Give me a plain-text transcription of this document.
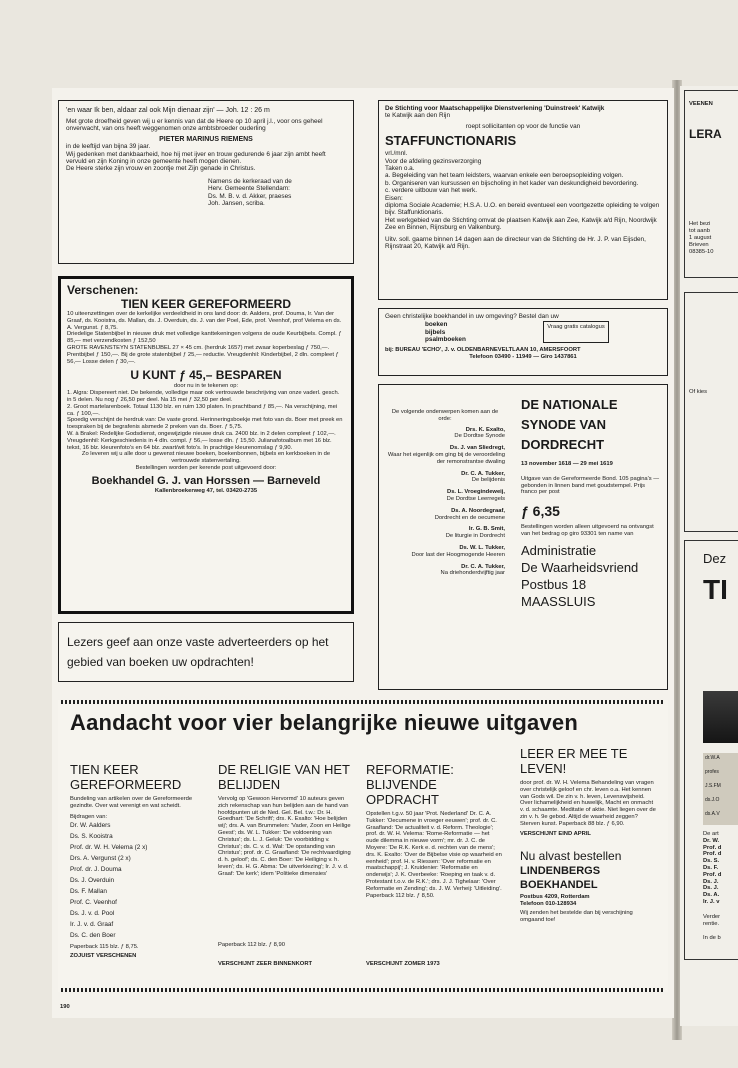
'en waar Ik ben, aldaar zal ook Mijn dienaar zijn' — Joh. 12 : 26 m

Met grote droefheid geven wij u er kennis van dat de Heere op 10 april j.l., voor ons geheel onverwacht, van ons heeft weggenomen onze ambtsbroeder ouderling

PIETER MARINUS RIEMENS

in de leeftijd van bijna 39 jaar.

Wij gedenken met dankbaarheid, hoe hij met ijver en trouw gedurende 6 jaar zijn ambt heeft vervuld en zijn Koning in onze gemeente heeft mogen dienen.

De Heere sterke zijn vrouw en zoontje met Zijn genade in Christus.

Namens de kerkeraad van de

Herv. Gemeente Stellendam:

Ds. M. B. v. d. Akker, praeses

Joh. Jansen, scriba.

De Stichting voor Maatschappelijke Dienstverlening 'Duinstreek' Katwijk

te Katwijk aan den Rijn

roept sollicitanten op voor de functie van

STAFFUNCTIONARIS

vrl./mnl.

Voor de afdeling gezinsverzorging

Taken o.a.

a. Begeleiding van het team leidsters, waarvan enkele een beroepsopleiding volgen.

b. Organiseren van kursussen en bijscholing in het kader van deskundigheid bevordering.

c. verdere uitbouw van het werk.

Eisen:

diploma Sociale Academie; H.S.A. U.O. en bereid eventueel een voortgezette opleiding te volgen bijv. Staffunktionaris.

Het werkgebied van de Stichting omvat de plaatsen Katwijk aan Zee, Katwijk a/d Rijn, Noordwijk Zee en Binnen, Rijnsburg en Valkenburg.

Uitv. soll. gaarne binnen 14 dagen aan de directeur van de Stichting de Hr. J. P. van Eijsden, Rijnstraat 20, Katwijk a/d Rijn.

Verschenen:

TIEN KEER GEREFORMEERD

10 uiteenzettingen over de kerkelijke verdeeldheid in ons land door: dr. Aalders, prof. Douma, Ir. Van der Graaf, ds. Kooistra, ds. Mallan, ds. J. Overduin, ds. J. van der Poel, Ede, prof. Veenhof, prof Velema en ds. A. Vergunst. ƒ 8,75.

Driedelige Statenbijbel in nieuwe druk met volledige kanttekeningen volgens de oude Keurbijbels. Compl. ƒ 85,— met verzendkosten ƒ 152,50

GROTE RAVENSTEYN STATENBIJBEL 27 × 45 cm. (herdruk 1657) met zwaar koperbeslag ƒ 750,—. Prentbijbel ƒ 150,—. Bij de grote statenbijbel ƒ 25,— reductie. Vreugdenhil: Kinderbijbel, 2 dln. compleet ƒ 56,— Losse delen ƒ 30,—.

U KUNT ƒ 45,– BESPAREN

door nu in te tekenen op:

1. Algra: Dispereert niet. De bekende, volledige maar ook vertrouwde beschrijving van onze vaderl. gesch. in 5 delen. Nu nog ƒ 26,50 per deel. Na 15 mei ƒ 32,50 per deel.

2. Groot martelarenboek. Totaal 1130 blz. en ruim 130 platen. In prachtband ƒ 85,—. Na verschijning, mei ca. ƒ 100,—.

Spoedig verschijnt de herdruk van: De vaste grond. Herinneringsboekje met foto van ds. Boer met preek en toespraken bij de begrafenis alsmede 2 preken van ds. Boer. ƒ 5,75.

W. à Brakel: Redelijke Godsdienst, ongewijzigde nieuwe druk ca. 2400 blz. in 2 delen compleet ƒ 102,—.

Vreugdenhil: Kerkgeschiedenis in 4 dln. compl. ƒ 56,— losse dln. ƒ 15,50. Julianafotoalbum met 16 blz. tekst, 16 blz. kleurenfoto's en 64 blz. zwart/wit foto's. In prachtige kleurenomslag ƒ 9,90.

Zo leveren wij u alle door u gewenst nieuwe boeken, boekenbonnen, bijbels en kerkboeken in de vertrouwde statenvertaling.

Bestellingen worden per kerende post uitgevoerd door:

Boekhandel G. J. van Horssen — Barneveld

Kallenbroekerweg 47, tel. 03420-2735

Geen christelijke boekhandel in uw omgeving? Bestel dan uw

boeken

bijbels

psalmboeken

Vraag gratis catalogus

bij: BUREAU 'ECHO', J. v. OLDENBARNEVELTLAAN 10, AMERSFOORT

Telefoon 03490 - 11949 — Giro 1437861

De volgende onderwerpen komen aan de orde:

Drs. K. Exalto,

De Dordtse Synode

Ds. J. van Sliedregt,

Waar het eigenlijk om ging bij de veroordeling der remonstrantse dwaling

Dr. C. A. Tukker,

De belijdenis

Ds. L. Vroegindeweij,

De Dordtse Leerregels

Ds. A. Noordegraaf,

Dordrecht en de oecumene

Ir. G. B. Smit,

De liturgie in Dordrecht

Ds. W. L. Tukker,

Door last der Hoogmogende Heeren

Dr. C. A. Tukker,

Na driehonderdvijftig jaar

DE NATIONALE SYNODE VAN DORDRECHT

13 november 1618 — 29 mei 1619

Uitgave van de Gereformeerde Bond. 105 pagina's — gebonden in linnen band met goudstempel. Prijs franco per post

ƒ 6,35

Bestellingen worden alleen uitgevoerd na ontvangst van het bedrag op giro 93301 ten name van

Administratie

De Waarheidsvriend

Postbus 18

MAASSLUIS

Lezers geef aan onze vaste adverteerders op het gebied van boeken uw opdrachten!

Aandacht voor vier belangrijke nieuwe uitgaven

TIEN KEER GEREFORMEERD

Bundeling van artikelen over de Gereformeerde gezindte. Over wat verenigt en wat scheidt.

Bijdragen van:

Dr. W. Aalders

Ds. S. Kooistra

Prof. dr. W. H. Velema (2 x)

Drs. A. Vergunst (2 x)

Prof. dr. J. Douma

Ds. J. Overduin

Ds. F. Mallan

Prof. C. Veenhof

Ds. J. v. d. Pool

Ir. J. v. d. Graaf

Ds. C. den Boer

Paperback 115 blz. ƒ 8,75.

ZOJUIST VERSCHENEN

DE RELIGIE VAN HET BELIJDEN

Vervolg op 'Gewoon Hervormd' 10 auteurs geven zich rekenschap van hun belijden aan de hand van hoofdpunten uit de Ned. Gel. Bel. t.w.: Dr. H. Goedhart: 'De Schrift'; drs. K. Exalto: 'Hoe belijden wij'; drs. A. van Brummelen: 'Vader, Zoon en Heilige Geest'; ds. W. L. Tukker: 'De voldoening van Christus'; ds. L. J. Geluk: 'De voorbidding v. Christus'; ds. C. v. d. Wal: 'De opstanding van Christus'; prof. dr. C. Graafland: 'De rechtvaardiging d. h. geloof'; ds. C. den Boer: 'De Heiliging v. h. leven'; ds. H. G. Abma: 'De uitverkiezing'; Ir. J. v. d. Graaf: 'De kerk'; idem 'Politieke dimensies'

Paperback 112 blz. ƒ 8,90

VERSCHIJNT ZEER BINNENKORT

REFORMATIE: BLIJVENDE OPDRACHT

Opstellen t.g.v. 50 jaar 'Prot. Nederland' Dr. C. A. Tukker: 'Oecumene in vroeger eeuwen'; prof. dr. C. Graafland: 'De actualiteit v. d. Reform. Theologie'; prof. dr. W. H. Velema: 'Rome-Reformatie — het oude dilemma in nieuwe vorm'; mr. dr. J. C. de Moyere: 'De R.K. Kerk e. d. rechten van de mens'; drs. K. Exalto: 'Over de Bijbelse visie op waarheid en eenheid'; prof. H. v. Riessen: 'Over reformatie en maatschappij'; J. Kruidenier: 'Reformatie en onderwijs'; J. K. Overbeeke: 'Roeping en taak v. d. Protestant t.o.v. de R.K.'; drs. J. J. Tighelaar: 'Over Reformatie en Zending'; ds. J. W. Verheij: 'Uitleiding'. Paperback 112 blz. ƒ 8,50.

VERSCHIJNT ZOMER 1973

LEER ER MEE TE LEVEN!

door prof. dr. W. H. Velema Behandeling van vragen over christelijk geloof en chr. leven o.a. Het kennen van Gods wil. De zin v. h. leven, Levenswijsheid. Over lichamelijkheid en huwelijk, Macht en onmacht v. d. schaamte. Meditatie of aktie. Niet liegen over de zin v. h. 9e gebod. Altijd de waarheid zeggen? Sterven kunst. Paperback 88 blz. ƒ 6,90.

VERSCHIJNT EIND APRIL

Nu alvast bestellen

LINDENBERGS BOEKHANDEL

Postbus 4209, Rotterdam

Telefoon 010-128934

Wij zenden het bestelde dan bij verschijning omgaand toe!

190

VEENEN

LERA

Het bezi

tot aanb

1 august

Brieven

08385-10

Of kies

Dez

TI

dr.W.A

profes

J.S.FM

ds.J.O

ds.A.V

De art

Dr. W.

Prof. d

Prof. d

Ds. S.

Ds. F.

Prof. d

Ds. J.

Ds. J.

Ds. A.

Ir. J. v

Verder

rentie.

In de b
